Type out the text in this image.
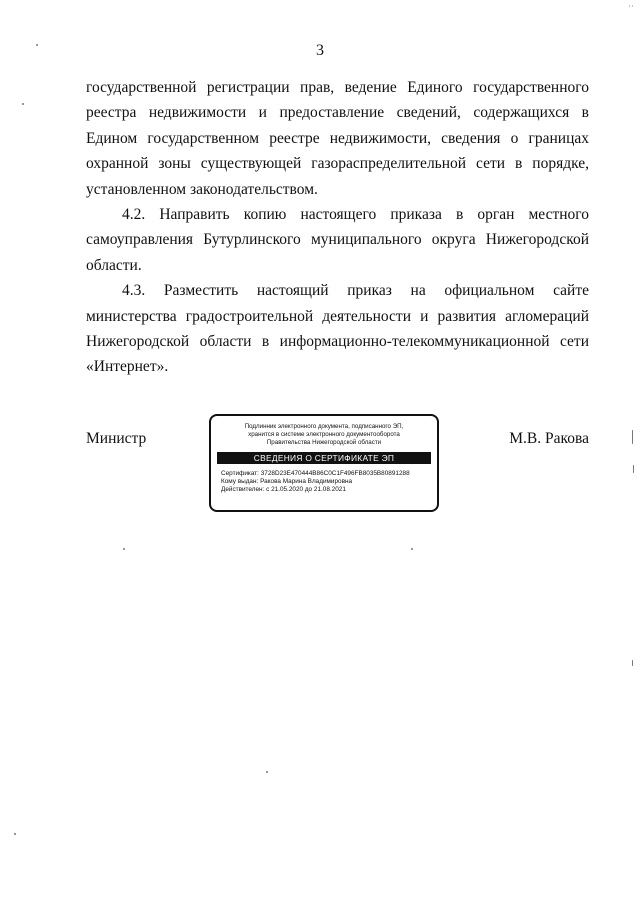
3

государственной регистрации прав, ведение Единого государственного реестра недвижимости и предоставление сведений, содержащихся в Едином государственном реестре недвижимости, сведения о границах охранной зоны существующей газораспределительной сети в порядке, установленном законодательством.

4.2. Направить копию настоящего приказа в орган местного самоуправления Бутурлинского муниципального округа Нижегородской области.

4.3. Разместить настоящий приказ на официальном сайте министерства градостроительной деятельности и развития агломераций Нижегородской области в информационно-телекоммуникационной сети «Интернет».

Министр	М.В. Ракова
Подлинник электронного документа, подписанного ЭП,
хранится в системе электронного документооборота
Правительства Нижегородской области
СВЕДЕНИЯ О СЕРТИФИКАТЕ ЭП
Сертификат: 3728D23E470444B86C0C1F496FB8035B80891288
Кому выдан: Ракова Марина Владимировна
Действителен: с 21.05.2020 до 21.08.2021
⋅⋅
